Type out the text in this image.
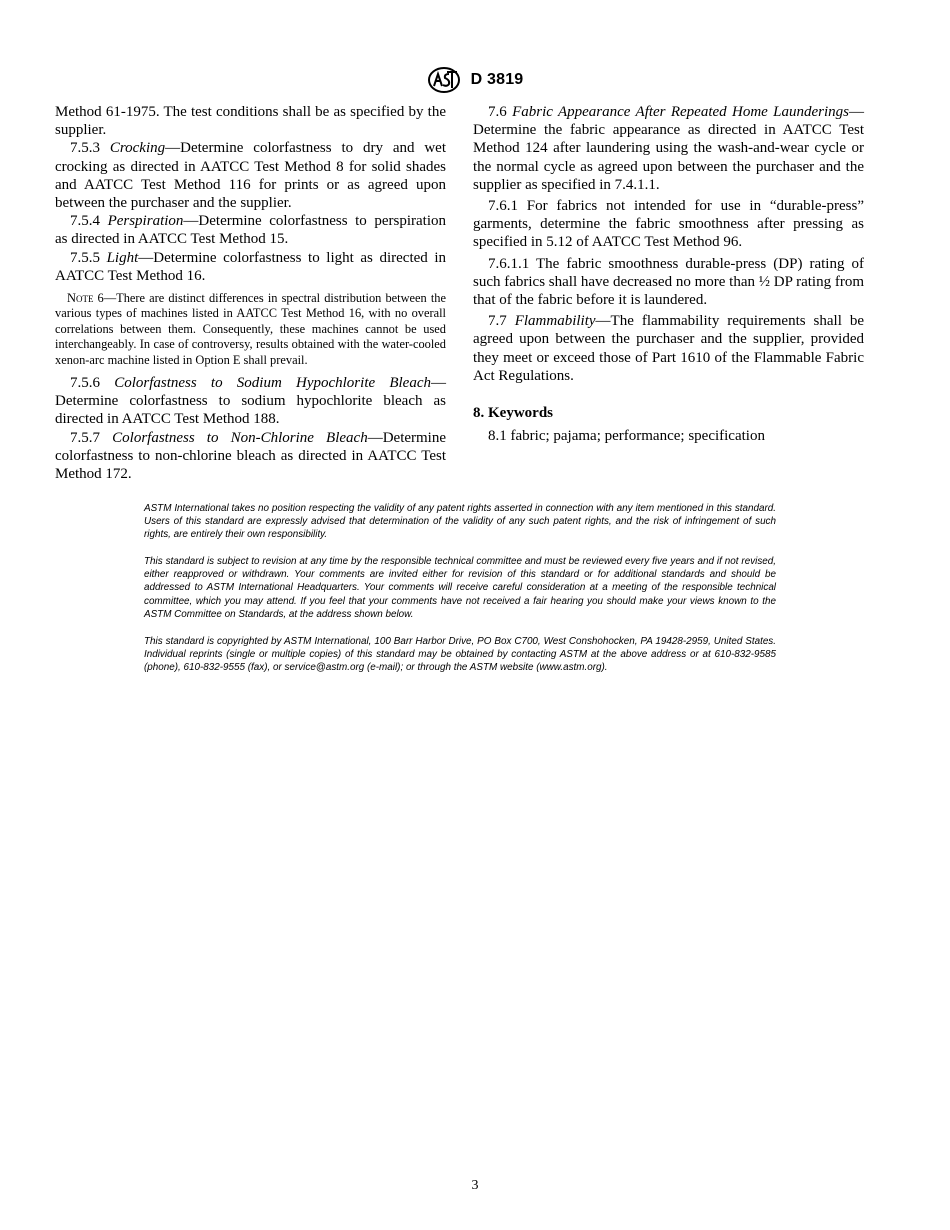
D 3819

Method 61-1975. The test conditions shall be as specified by the supplier.

7.5.3 Crocking—Determine colorfastness to dry and wet crocking as directed in AATCC Test Method 8 for solid shades and AATCC Test Method 116 for prints or as agreed upon between the purchaser and the supplier.

7.5.4 Perspiration—Determine colorfastness to perspiration as directed in AATCC Test Method 15.

7.5.5 Light—Determine colorfastness to light as directed in AATCC Test Method 16.

Note 6—There are distinct differences in spectral distribution between the various types of machines listed in AATCC Test Method 16, with no overall correlations between them. Consequently, these machines cannot be used interchangeably. In case of controversy, results obtained with the water-cooled xenon-arc machine listed in Option E shall prevail.

7.5.6 Colorfastness to Sodium Hypochlorite Bleach—Determine colorfastness to sodium hypochlorite bleach as directed in AATCC Test Method 188.

7.5.7 Colorfastness to Non-Chlorine Bleach—Determine colorfastness to non-chlorine bleach as directed in AATCC Test Method 172.

7.6 Fabric Appearance After Repeated Home Launderings—Determine the fabric appearance as directed in AATCC Test Method 124 after laundering using the wash-and-wear cycle or the normal cycle as agreed upon between the purchaser and the supplier as specified in 7.4.1.1.

7.6.1 For fabrics not intended for use in “durable-press” garments, determine the fabric smoothness after pressing as specified in 5.12 of AATCC Test Method 96.

7.6.1.1 The fabric smoothness durable-press (DP) rating of such fabrics shall have decreased no more than ½ DP rating from that of the fabric before it is laundered.

7.7 Flammability—The flammability requirements shall be agreed upon between the purchaser and the supplier, provided they meet or exceed those of Part 1610 of the Flammable Fabric Act Regulations.

8. Keywords

8.1 fabric; pajama; performance; specification

ASTM International takes no position respecting the validity of any patent rights asserted in connection with any item mentioned in this standard. Users of this standard are expressly advised that determination of the validity of any such patent rights, and the risk of infringement of such rights, are entirely their own responsibility.

This standard is subject to revision at any time by the responsible technical committee and must be reviewed every five years and if not revised, either reapproved or withdrawn. Your comments are invited either for revision of this standard or for additional standards and should be addressed to ASTM International Headquarters. Your comments will receive careful consideration at a meeting of the responsible technical committee, which you may attend. If you feel that your comments have not received a fair hearing you should make your views known to the ASTM Committee on Standards, at the address shown below.

This standard is copyrighted by ASTM International, 100 Barr Harbor Drive, PO Box C700, West Conshohocken, PA 19428-2959, United States. Individual reprints (single or multiple copies) of this standard may be obtained by contacting ASTM at the above address or at 610-832-9585 (phone), 610-832-9555 (fax), or service@astm.org (e-mail); or through the ASTM website (www.astm.org).

3
